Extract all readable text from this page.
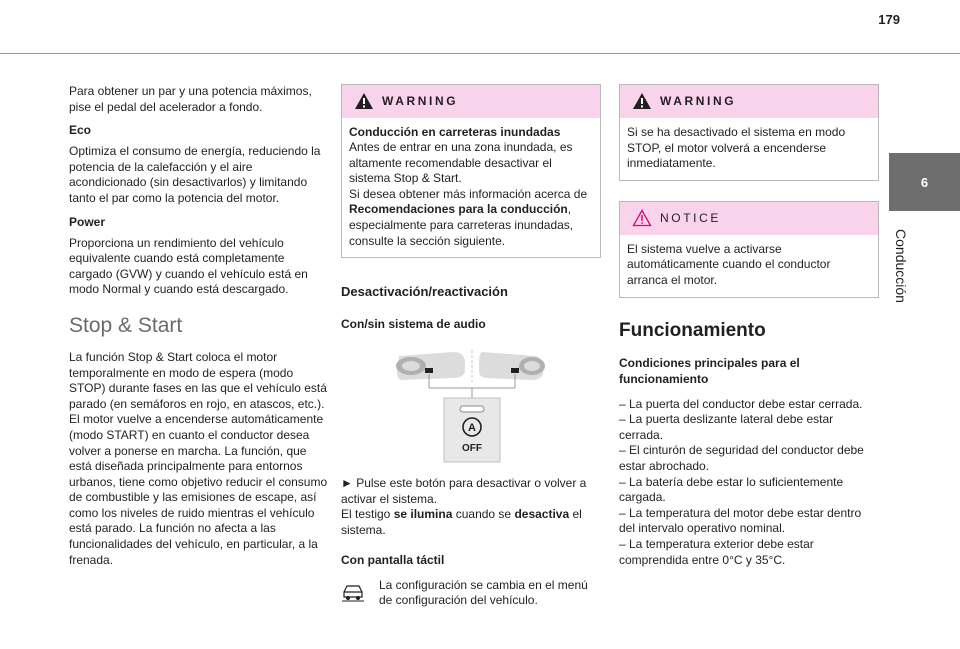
179
6
Conducción

Para obtener un par y una potencia máximos, pise el pedal del acelerador a fondo.

Eco

Optimiza el consumo de energía, reduciendo la potencia de la calefacción y el aire acondicionado (sin desactivarlos) y limitando tanto el par como la potencia del motor.

Power

Proporciona un rendimiento del vehículo equivalente cuando está completamente cargado (GVW) y cuando el vehículo está en modo Normal y cuando está descargado.

Stop & Start

La función Stop & Start coloca el motor temporalmente en modo de espera (modo STOP) durante fases en las que el vehículo está parado (en semáforos en rojo, en atascos, etc.). El motor vuelve a encenderse automáticamente (modo START) en cuanto el conductor desea volver a ponerse en marcha. La función, que está diseñada principalmente para entornos urbanos, tiene como objetivo reducir el consumo de combustible y las emisiones de escape, así como los niveles de ruido mientras el vehículo está parado. La función no afecta a las funcionalidades del vehículo, en particular, a la frenada.

WARNING

Conducción en carreteras inundadas

Antes de entrar en una zona inundada, es altamente recomendable desactivar el sistema Stop & Start.

Si desea obtener más información acerca de Recomendaciones para la conducción, especialmente para carreteras inundadas, consulte la sección siguiente.

Desactivación/reactivación

Con/sin sistema de audio

A
OFF

► Pulse este botón para desactivar o volver a activar el sistema.

El testigo se ilumina cuando se desactiva el sistema.

Con pantalla táctil

La configuración se cambia en el menú de configuración del vehículo.

WARNING

Si se ha desactivado el sistema en modo STOP, el motor volverá a encenderse inmediatamente.

NOTICE

El sistema vuelve a activarse automáticamente cuando el conductor arranca el motor.

Funcionamiento

Condiciones principales para el funcionamiento

– La puerta del conductor debe estar cerrada.

– La puerta deslizante lateral debe estar cerrada.

– El cinturón de seguridad del conductor debe estar abrochado.

– La batería debe estar lo suficientemente cargada.

– La temperatura del motor debe estar dentro del intervalo operativo nominal.

– La temperatura exterior debe estar comprendida entre 0°C y 35°C.
